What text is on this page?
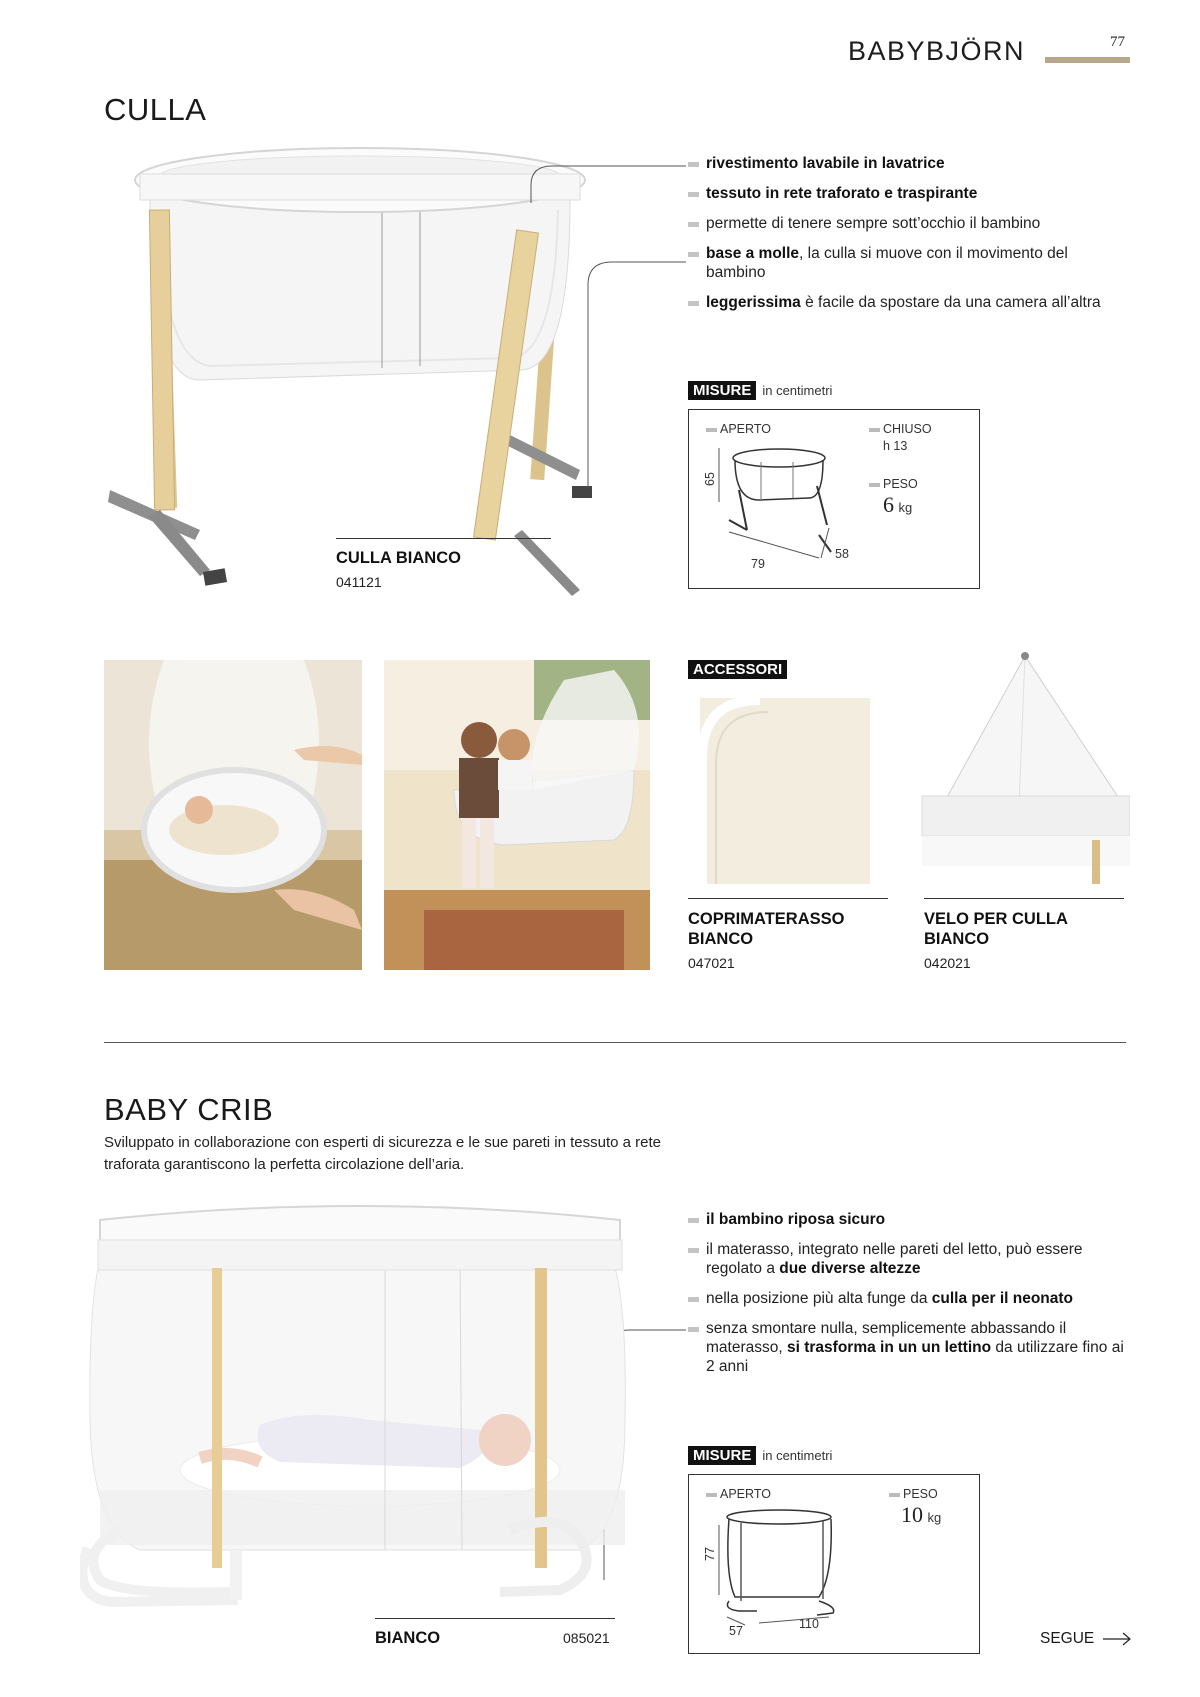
BABYBJÖRN	77
CULLA
rivestimento lavabile in lavatrice
tessuto in rete traforato e traspirante
permette di tenere sempre sott’occhio il bambino
base a molle, la culla si muove con il movimento del bambino
leggerissima è facile da spostare da una camera all’altra
MISURE in centimetri
APERTO	CHIUSO
h 13
PESO
6 kg
65
79
58
CULLA BIANCO
041121
ACCESSORI
COPRIMATERASSO
BIANCO
047021
VELO PER CULLA
BIANCO
042021
BABY CRIB
Sviluppato in collaborazione con esperti di sicurezza e le sue pareti in tessuto a rete
traforata garantiscono la perfetta circolazione dell’aria.
il bambino riposa sicuro
il materasso, integrato nelle pareti del letto, può essere regolato a due diverse altezze
nella posizione più alta funge da culla per il neonato
senza smontare nulla, semplicemente abbassando il materasso, si trasforma in un un lettino da utilizzare fino ai 2 anni
MISURE in centimetri
APERTO	PESO
10 kg
77
57	110
BIANCO	085021	SEGUE
